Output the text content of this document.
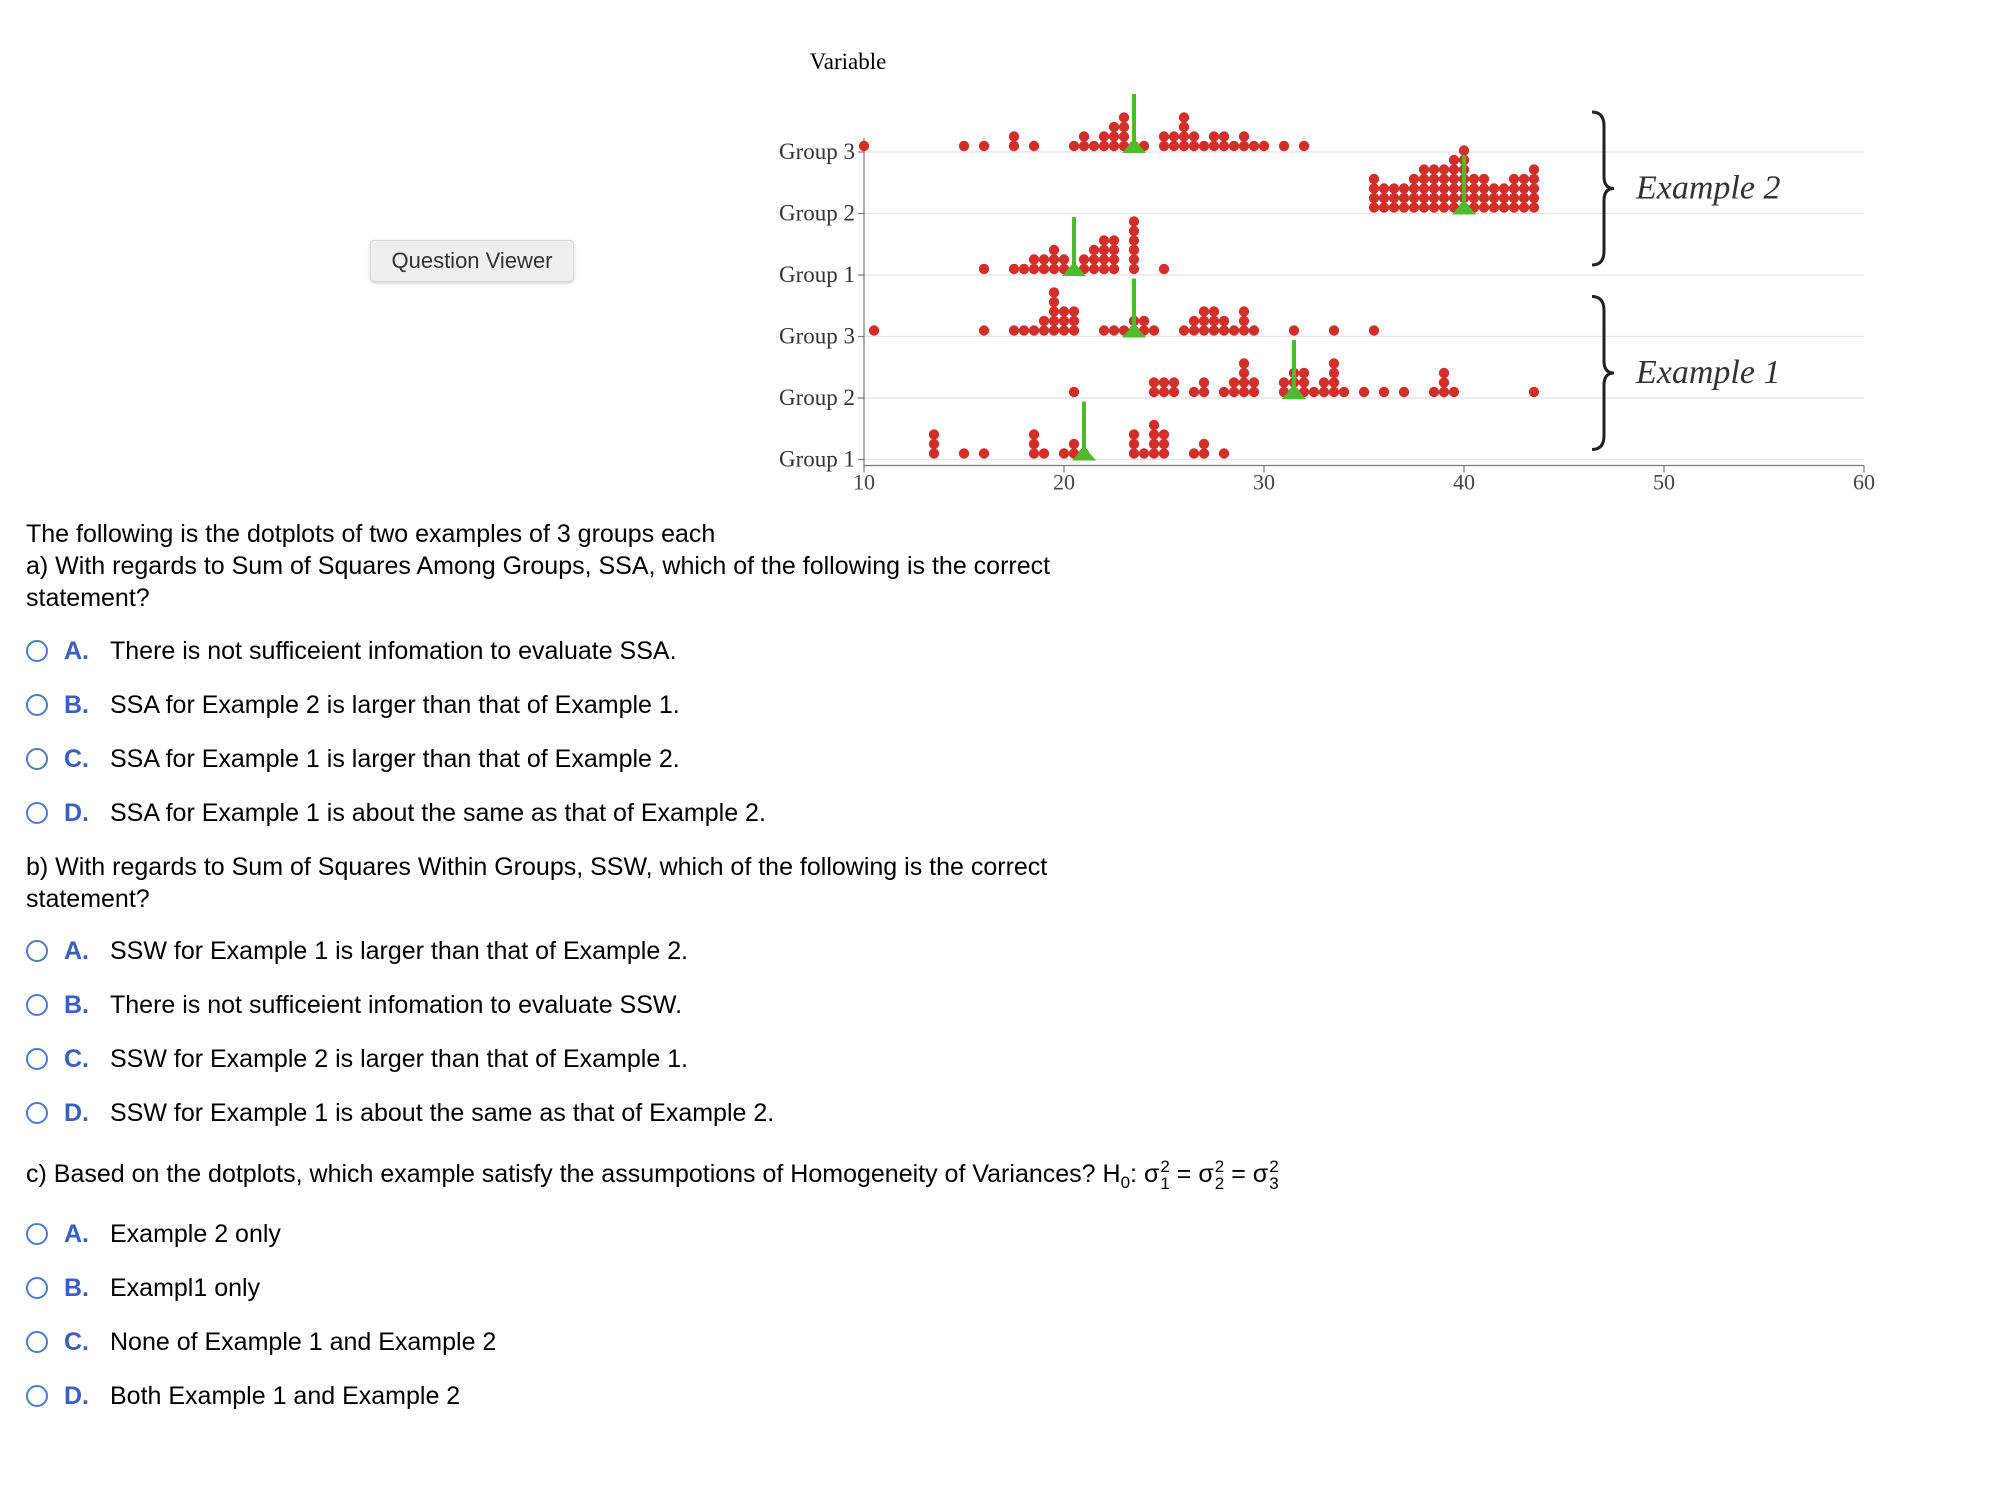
Question Viewer
Variable
Group 3
Group 2
Group 1
Group 3
Group 2
Group 1
10	20	30	40	50	60
Example 2
Example 1
The following is the dotplots of two examples of 3 groups each
a) With regards to Sum of Squares Among Groups, SSA, which of the following is the correct
statement?
A. There is not sufficeient infomation to evaluate SSA.
B. SSA for Example 2 is larger than that of Example 1.
C. SSA for Example 1 is larger than that of Example 2.
D. SSA for Example 1 is about the same as that of Example 2.
b) With regards to Sum of Squares Within Groups, SSW, which of the following is the correct
statement?
A. SSW for Example 1 is larger than that of Example 2.
B. There is not sufficeient infomation to evaluate SSW.
C. SSW for Example 2 is larger than that of Example 1.
D. SSW for Example 1 is about the same as that of Example 2.
c) Based on the dotplots, which example satisfy the assumpotions of Homogeneity of Variances? $H_0$: σ 2
1 = σ 2
2 = σ 2
3
A. Example 2 only
B. Exampl1 only
C. None of Example 1 and Example 2
D. Both Example 1 and Example 2
